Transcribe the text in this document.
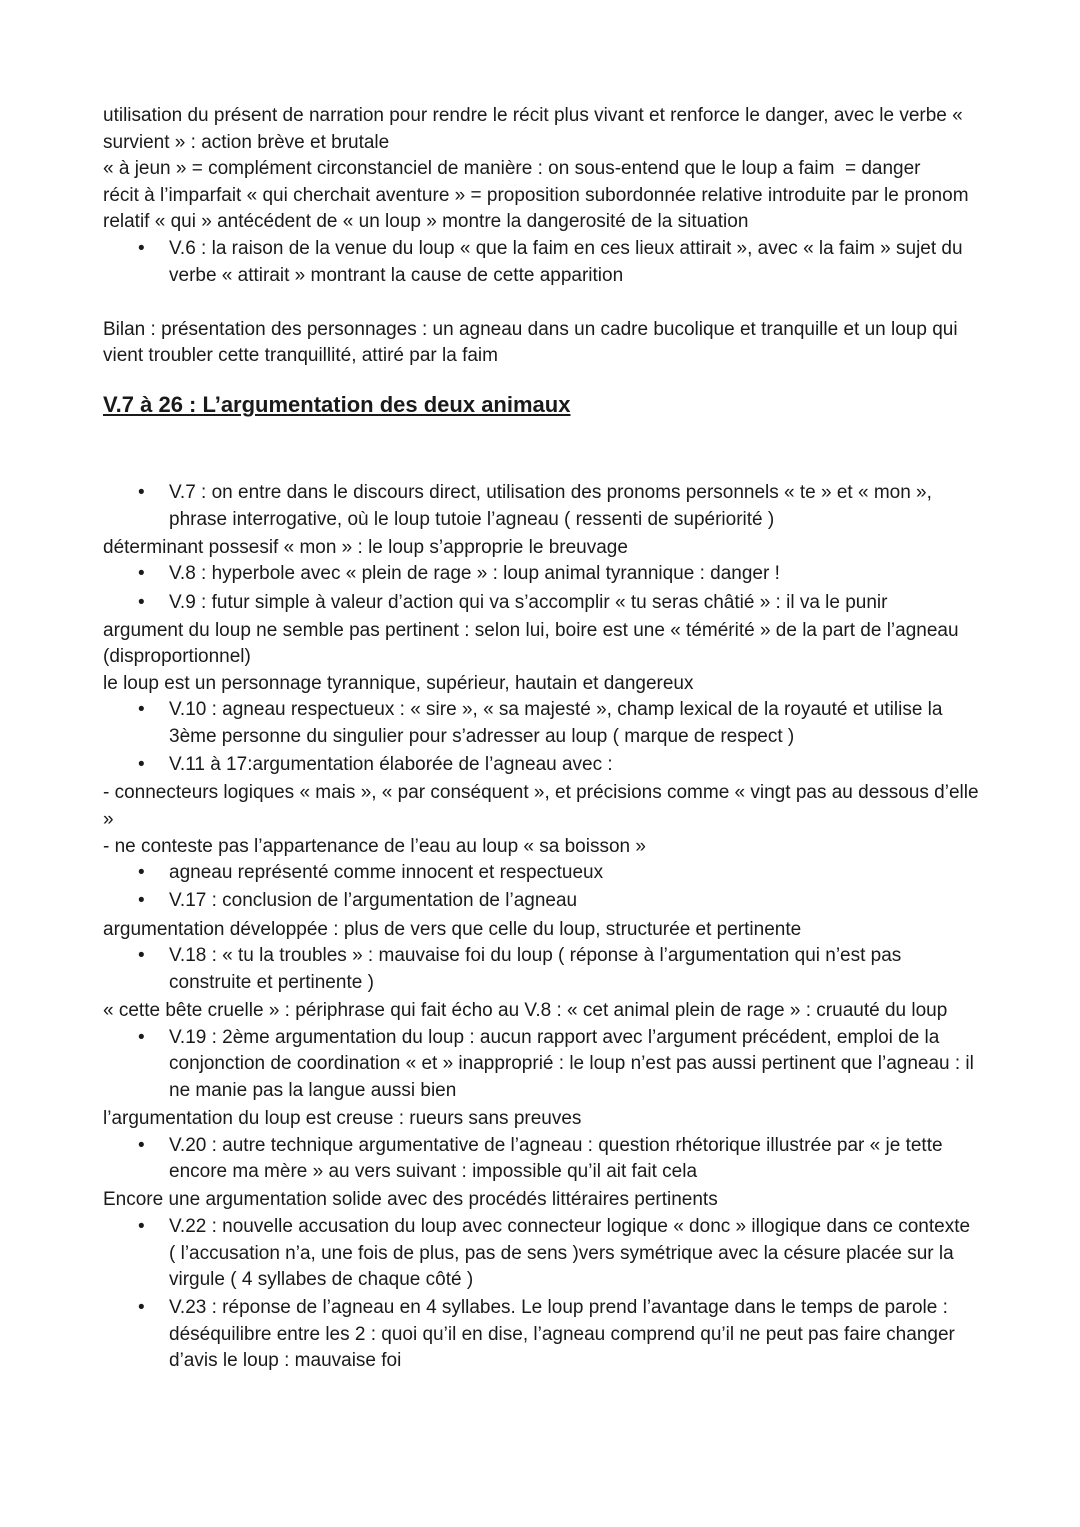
utilisation du présent de narration pour rendre le récit plus vivant et renforce le danger, avec le verbe « survient » : action brève et brutale

« à jeun » = complément circonstanciel de manière : on sous-entend que le loup a faim  = danger

récit à l’imparfait « qui cherchait aventure » = proposition subordonnée relative introduite par le pronom relatif « qui » antécédent de « un loup » montre la dangerosité de la situation

• V.6 : la raison de la venue du loup « que la faim en ces lieux attirait », avec « la faim » sujet du verbe « attirait » montrant la cause de cette apparition

Bilan : présentation des personnages : un agneau dans un cadre bucolique et tranquille et un loup qui vient troubler cette tranquillité, attiré par la faim

V.7 à 26 : L’argumentation des deux animaux
• V.7 : on entre dans le discours direct, utilisation des pronoms personnels « te » et « mon », phrase interrogative, où le loup tutoie l’agneau ( ressenti de supériorité )

déterminant possesif « mon » : le loup s’approprie le breuvage

• V.8 : hyperbole avec « plein de rage » : loup animal tyrannique : danger !
• V.9 : futur simple à valeur d’action qui va s’accomplir « tu seras châtié » : il va le punir

argument du loup ne semble pas pertinent : selon lui, boire est une « témérité » de la part de l’agneau (disproportionnel)

le loup est un personnage tyrannique, supérieur, hautain et dangereux

• V.10 : agneau respectueux : « sire », « sa majesté », champ lexical de la royauté et utilise la 3ème personne du singulier pour s’adresser au loup ( marque de respect )
• V.11 à 17:argumentation élaborée de l’agneau avec :

- connecteurs logiques « mais », « par conséquent », et précisions comme « vingt pas au dessous d’elle »

- ne conteste pas l’appartenance de l’eau au loup « sa boisson »

• agneau représenté comme innocent et respectueux
• V.17 : conclusion de l’argumentation de l’agneau

argumentation développée : plus de vers que celle du loup, structurée et pertinente

• V.18 : « tu la troubles » : mauvaise foi du loup ( réponse à l’argumentation qui n’est pas construite et pertinente )

« cette bête cruelle » : périphrase qui fait écho au V.8 : « cet animal plein de rage » : cruauté du loup

• V.19 : 2ème argumentation du loup : aucun rapport avec l’argument précédent, emploi de la conjonction de coordination « et » inapproprié : le loup n’est pas aussi pertinent que l’agneau : il ne manie pas la langue aussi bien

l’argumentation du loup est creuse : rueurs sans preuves

• V.20 : autre technique argumentative de l’agneau : question rhétorique illustrée par « je tette encore ma mère » au vers suivant : impossible qu’il ait fait cela

Encore une argumentation solide avec des procédés littéraires pertinents

• V.22 : nouvelle accusation du loup avec connecteur logique « donc » illogique dans ce contexte ( l’accusation n’a, une fois de plus, pas de sens )vers symétrique avec la césure placée sur la virgule ( 4 syllabes de chaque côté )
• V.23 : réponse de l’agneau en 4 syllabes. Le loup prend l’avantage dans le temps de parole : déséquilibre entre les 2 : quoi qu’il en dise, l’agneau comprend qu’il ne peut pas faire changer d’avis le loup : mauvaise foi
